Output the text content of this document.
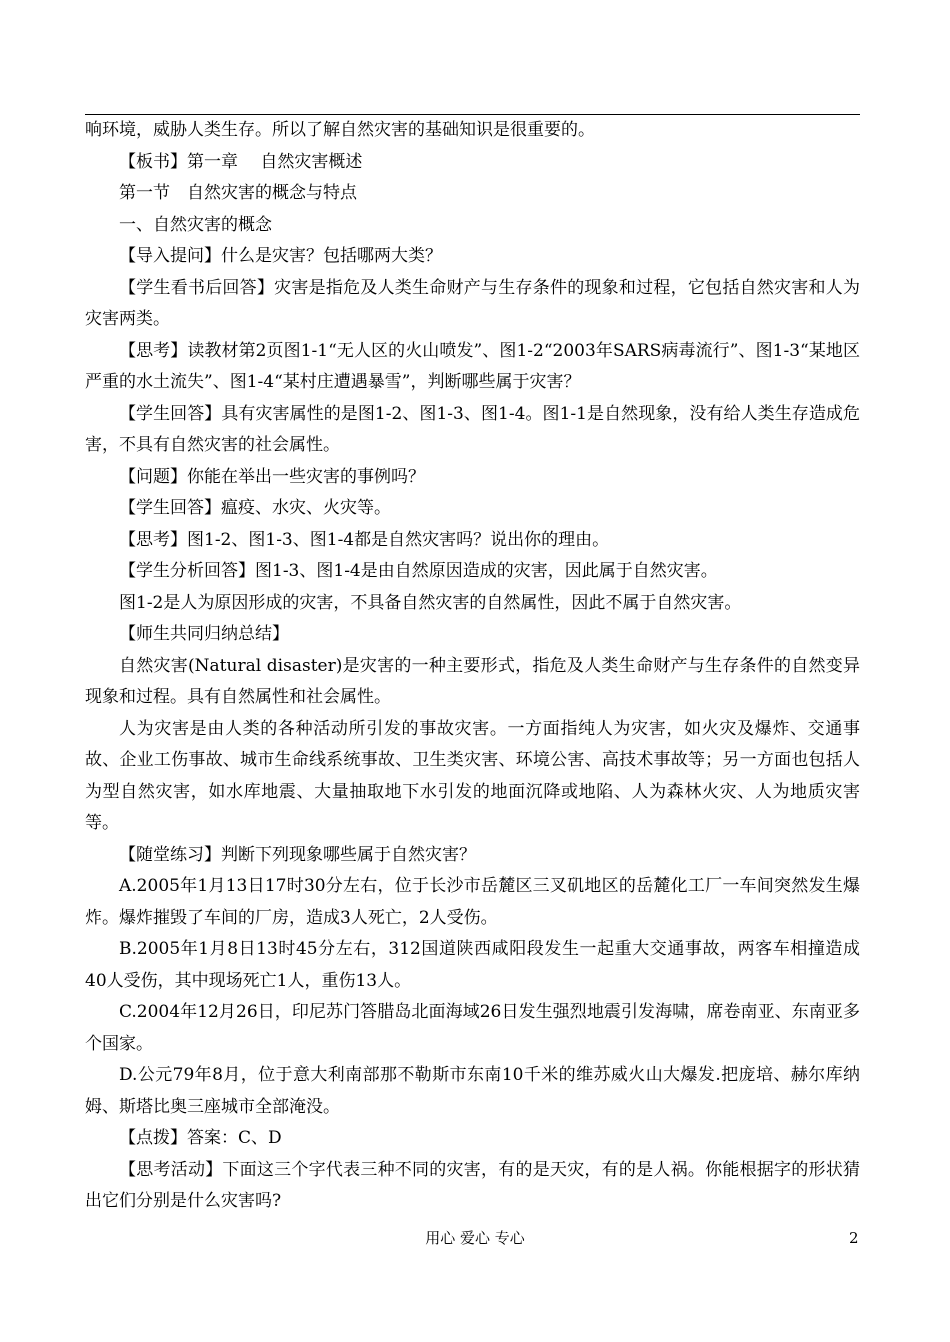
响环境，威胁人类生存。所以了解自然灾害的基础知识是很重要的。

【板书】第一章　 自然灾害概述

第一节　自然灾害的概念与特点

一、自然灾害的概念

【导入提问】什么是灾害？包括哪两大类？

【学生看书后回答】灾害是指危及人类生命财产与生存条件的现象和过程，它包括自然灾害和人为灾害两类。

【思考】读教材第2页图1-1“无人区的火山喷发”、图1-2“2003年SARS病毒流行”、图1-3“某地区严重的水土流失”、图1-4“某村庄遭遇暴雪”，判断哪些属于灾害？

【学生回答】具有灾害属性的是图1-2、图1-3、图1-4。图1-1是自然现象，没有给人类生存造成危害，不具有自然灾害的社会属性。

【问题】你能在举出一些灾害的事例吗？

【学生回答】瘟疫、水灾、火灾等。

【思考】图1-2、图1-3、图1-4都是自然灾害吗？说出你的理由。

【学生分析回答】图1-3、图1-4是由自然原因造成的灾害，因此属于自然灾害。

图1-2是人为原因形成的灾害，不具备自然灾害的自然属性，因此不属于自然灾害。

【师生共同归纳总结】

自然灾害(Natural disaster)是灾害的一种主要形式，指危及人类生命财产与生存条件的自然变异现象和过程。具有自然属性和社会属性。

人为灾害是由人类的各种活动所引发的事故灾害。一方面指纯人为灾害，如火灾及爆炸、交通事故、企业工伤事故、城市生命线系统事故、卫生类灾害、环境公害、高技术事故等；另一方面也包括人为型自然灾害，如水库地震、大量抽取地下水引发的地面沉降或地陷、人为森林火灾、人为地质灾害等。

【随堂练习】判断下列现象哪些属于自然灾害？

A.2005年1月13日17时30分左右，位于长沙市岳麓区三叉矶地区的岳麓化工厂一车间突然发生爆炸。爆炸摧毁了车间的厂房，造成3人死亡，2人受伤。

B.2005年1月8日13时45分左右，312国道陕西咸阳段发生一起重大交通事故，两客车相撞造成40人受伤，其中现场死亡1人，重伤13人。

C.2004年12月26日，印尼苏门答腊岛北面海域26日发生强烈地震引发海啸，席卷南亚、东南亚多个国家。

D.公元79年8月，位于意大利南部那不勒斯市东南10千米的维苏威火山大爆发.把庞培、赫尔库纳姆、斯塔比奥三座城市全部淹没。

【点拨】答案：C、D

【思考活动】下面这三个字代表三种不同的灾害，有的是天灾，有的是人祸。你能根据字的形状猜出它们分别是什么灾害吗?

用心 爱心 专心	2
